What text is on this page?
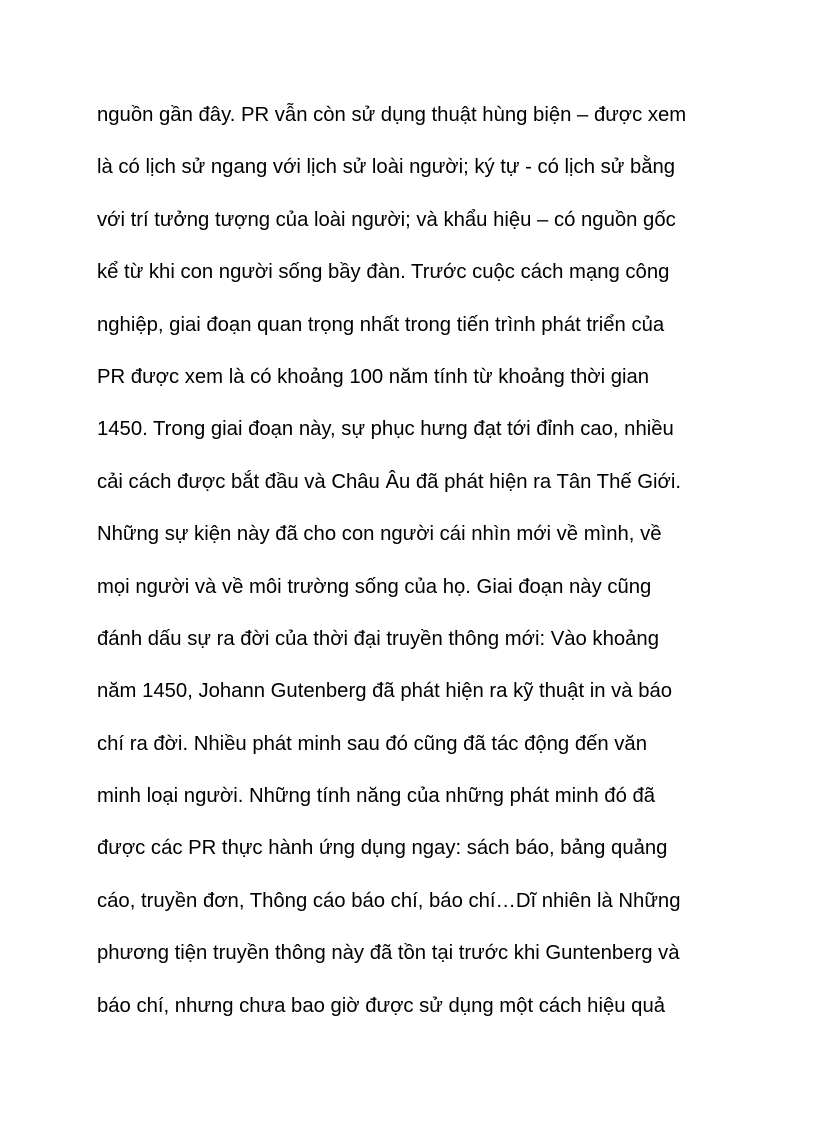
nguồn gần đây. PR vẫn còn sử dụng thuật hùng biện – được xem
là có lịch sử ngang với lịch sử loài người; ký tự - có lịch sử bằng
với trí tưởng tượng của loài người; và khẩu hiệu – có nguồn gốc
kể từ khi con người sống bầy đàn. Trước cuộc cách mạng công
nghiệp, giai đoạn quan trọng nhất trong tiến trình phát triển của
PR được xem là có khoảng 100 năm tính từ khoảng thời gian
1450. Trong giai đoạn này, sự phục hưng đạt tới đỉnh cao, nhiều
cải cách được bắt đầu và Châu Âu đã phát hiện ra Tân Thế Giới.
Những sự kiện này đã cho con người cái nhìn mới về mình, về
mọi người và về môi trường sống của họ. Giai đoạn này cũng
đánh dấu sự ra đời của thời đại truyền thông mới: Vào khoảng
năm 1450, Johann Gutenberg đã phát hiện ra kỹ thuật in và báo
chí ra đời. Nhiều phát minh sau đó cũng đã tác động đến văn
minh loại người. Những tính năng của những phát minh đó đã
được các PR thực hành ứng dụng ngay: sách báo, bảng quảng
cáo, truyền đơn, Thông cáo báo chí, báo chí…Dĩ nhiên là Những
phương tiện truyền thông này đã tồn tại trước khi Guntenberg và
báo chí, nhưng chưa bao giờ được sử dụng một cách hiệu quả
